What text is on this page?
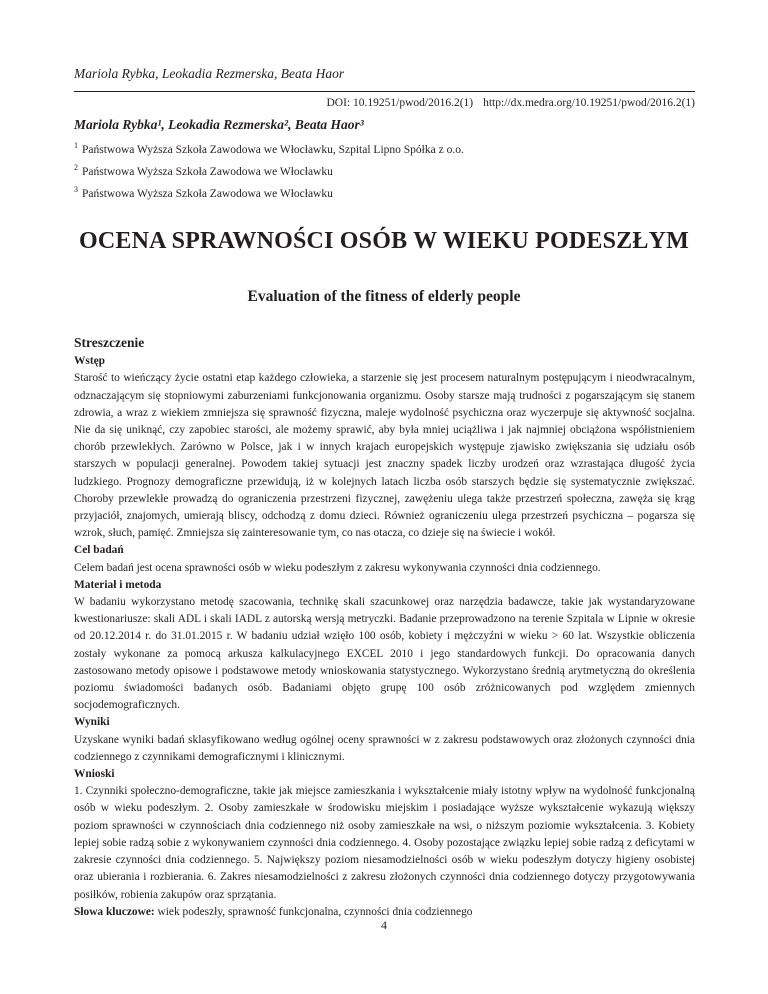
Mariola Rybka, Leokadia Rezmerska, Beata Haor
DOI: 10.19251/pwod/2016.2(1) http://dx.medra.org/10.19251/pwod/2016.2(1)
Mariola Rybka¹, Leokadia Rezmerska², Beata Haor³
$^1$ Państwowa Wyższa Szkoła Zawodowa we Włocławku, Szpital Lipno Spółka z o.o.
$^2$ Państwowa Wyższa Szkoła Zawodowa we Włocławku
$^3$ Państwowa Wyższa Szkoła Zawodowa we Włocławku
OCENA SPRAWNOŚCI OSÓB W WIEKU PODESZŁYM
Evaluation of the fitness of elderly people
Streszczenie
Wstęp

Starość to wieńczący życie ostatni etap każdego człowieka, a starzenie się jest procesem naturalnym postępującym i nieodwracalnym, odznaczającym się stopniowymi zaburzeniami funkcjonowania organizmu. Osoby starsze mają trudności z pogarszającym się stanem zdrowia, a wraz z wiekiem zmniejsza się sprawność fizyczna, maleje wydolność psychiczna oraz wyczerpuje się aktywność socjalna. Nie da się uniknąć, czy zapobiec starości, ale możemy sprawić, aby była mniej uciążliwa i jak najmniej obciążona współistnieniem chorób przewlekłych. Zarówno w Polsce, jak i w innych krajach europejskich występuje zjawisko zwiększania się udziału osób starszych w populacji generalnej. Powodem takiej sytuacji jest znaczny spadek liczby urodzeń oraz wzrastająca długość życia ludzkiego. Prognozy demograficzne przewidują, iż w kolejnych latach liczba osób starszych będzie się systematycznie zwiększać. Choroby przewlekłe prowadzą do ograniczenia przestrzeni fizycznej, zawężeniu ulega także przestrzeń społeczna, zawęża się krąg przyjaciół, znajomych, umierają bliscy, odchodzą z domu dzieci. Również ograniczeniu ulega przestrzeń psychiczna – pogarsza się wzrok, słuch, pamięć. Zmniejsza się zainteresowanie tym, co nas otacza, co dzieje się na świecie i wokół.

Cel badań

Celem badań jest ocena sprawności osób w wieku podeszłym z zakresu wykonywania czynności dnia codziennego.

Materiał i metoda

W badaniu wykorzystano metodę szacowania, technikę skali szacunkowej oraz narzędzia badawcze, takie jak wystandaryzowane kwestionariusze: skali ADL i skali IADL z autorską wersją metryczki. Badanie przeprowadzono na terenie Szpitala w Lipnie w okresie od 20.12.2014 r. do 31.01.2015 r. W badaniu udział wzięło 100 osób, kobiety i mężczyźni w wieku > 60 lat. Wszystkie obliczenia zostały wykonane za pomocą arkusza kalkulacyjnego EXCEL 2010 i jego standardowych funkcji. Do opracowania danych zastosowano metody opisowe i podstawowe metody wnioskowania statystycznego. Wykorzystano średnią arytmetyczną do określenia poziomu świadomości badanych osób. Badaniami objęto grupę 100 osób zróżnicowanych pod względem zmiennych socjodemograficznych.

Wyniki

Uzyskane wyniki badań sklasyfikowano według ogólnej oceny sprawności w z zakresu podstawowych oraz złożonych czynności dnia codziennego z czynnikami demograficznymi i klinicznymi.

Wnioski

1. Czynniki społeczno-demograficzne, takie jak miejsce zamieszkania i wykształcenie miały istotny wpływ na wydolność funkcjonalną osób w wieku podeszłym. 2. Osoby zamieszkałe w środowisku miejskim i posiadające wyższe wykształcenie wykazują większy poziom sprawności w czynnościach dnia codziennego niż osoby zamieszkałe na wsi, o niższym poziomie wykształcenia. 3. Kobiety lepiej sobie radzą sobie z wykonywaniem czynności dnia codziennego. 4. Osoby pozostające związku lepiej sobie radzą z deficytami w zakresie czynności dnia codziennego. 5. Największy poziom niesamodzielności osób w wieku podeszłym dotyczy higieny osobistej oraz ubierania i rozbierania. 6. Zakres niesamodzielności z zakresu złożonych czynności dnia codziennego dotyczy przygotowywania posiłków, robienia zakupów oraz sprzątania.

Słowa kluczowe: wiek podeszły, sprawność funkcjonalna, czynności dnia codziennego

4
